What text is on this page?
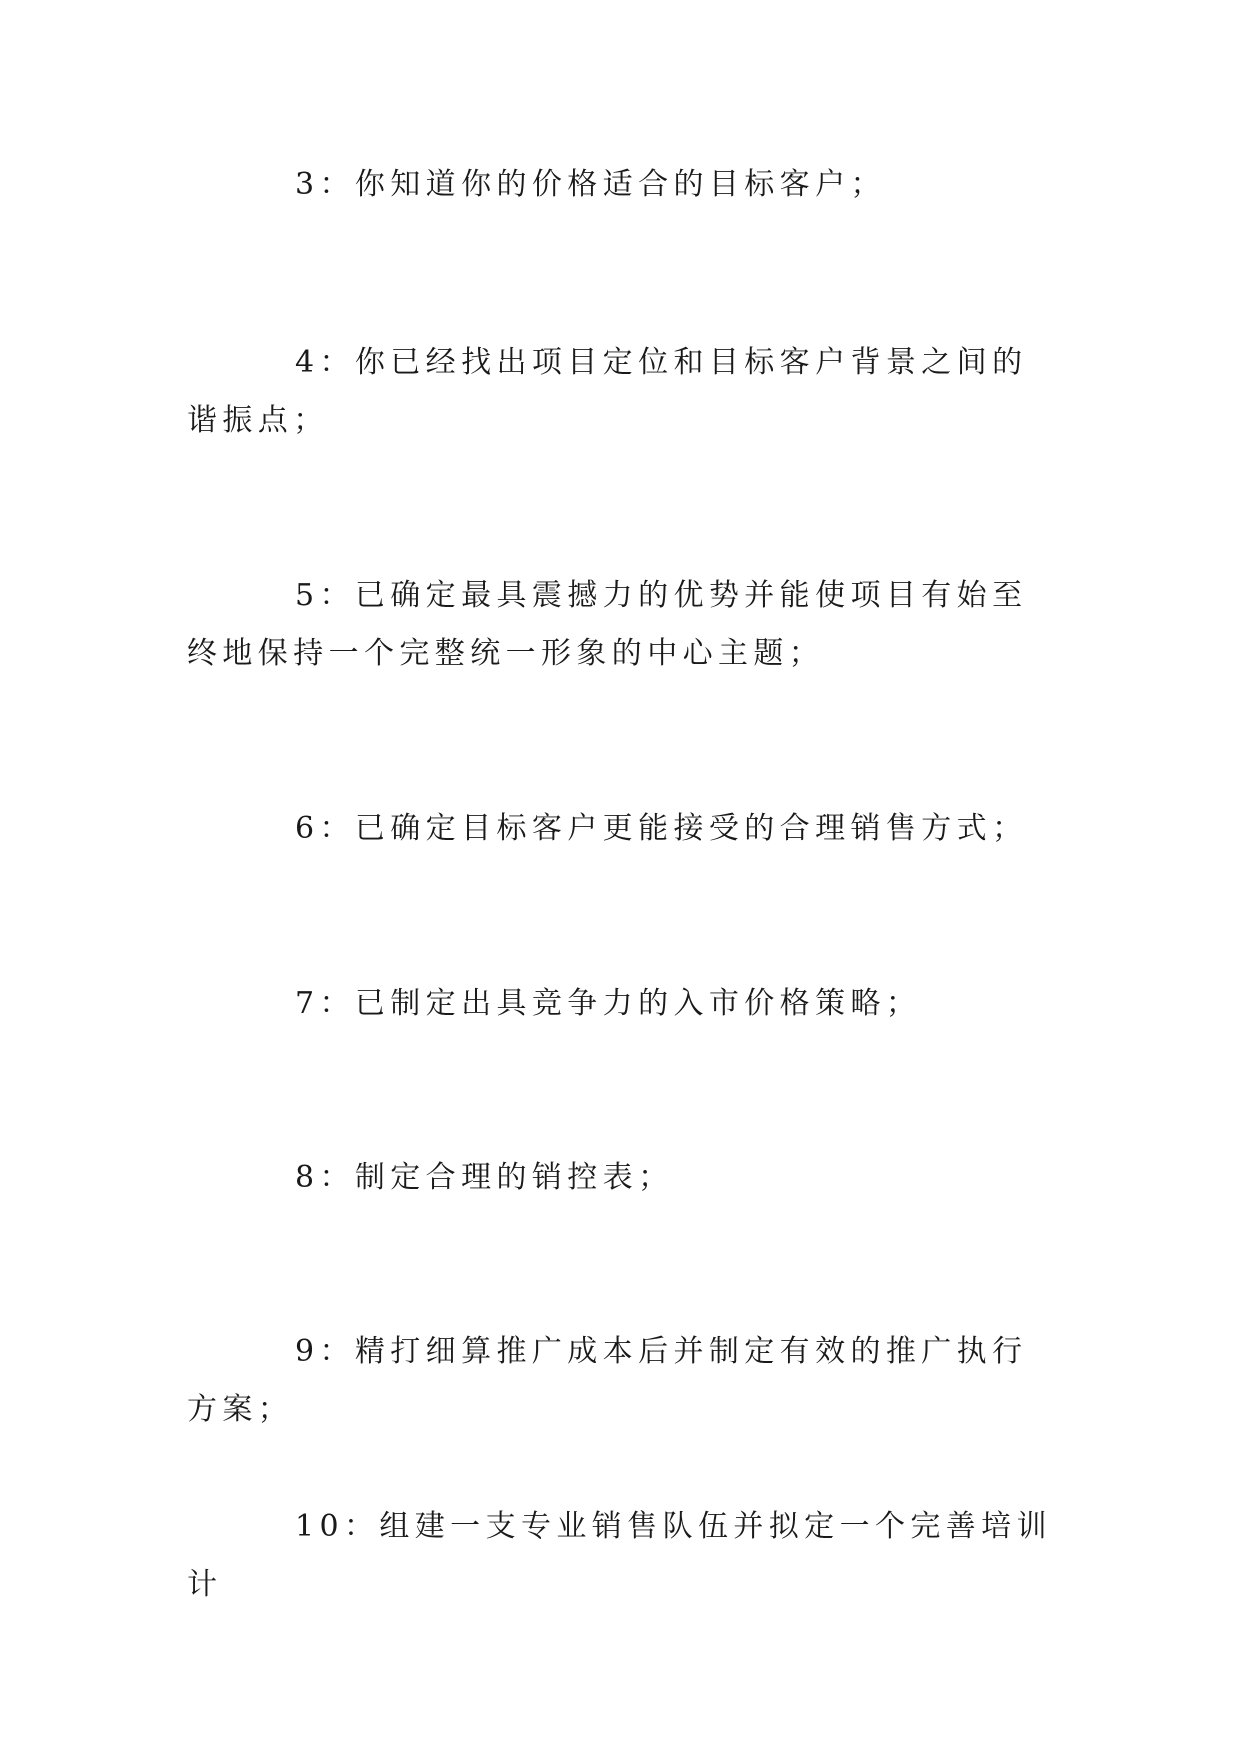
3：你知道你的价格适合的目标客户；

4：你已经找出项目定位和目标客户背景之间的谐振点；

5：已确定最具震撼力的优势并能使项目有始至终地保持一个完整统一形象的中心主题；

6：已确定目标客户更能接受的合理销售方式；

7：已制定出具竞争力的入市价格策略；

8：制定合理的销控表；

9：精打细算推广成本后并制定有效的推广执行方案；

10：组建一支专业销售队伍并拟定一个完善培训计
